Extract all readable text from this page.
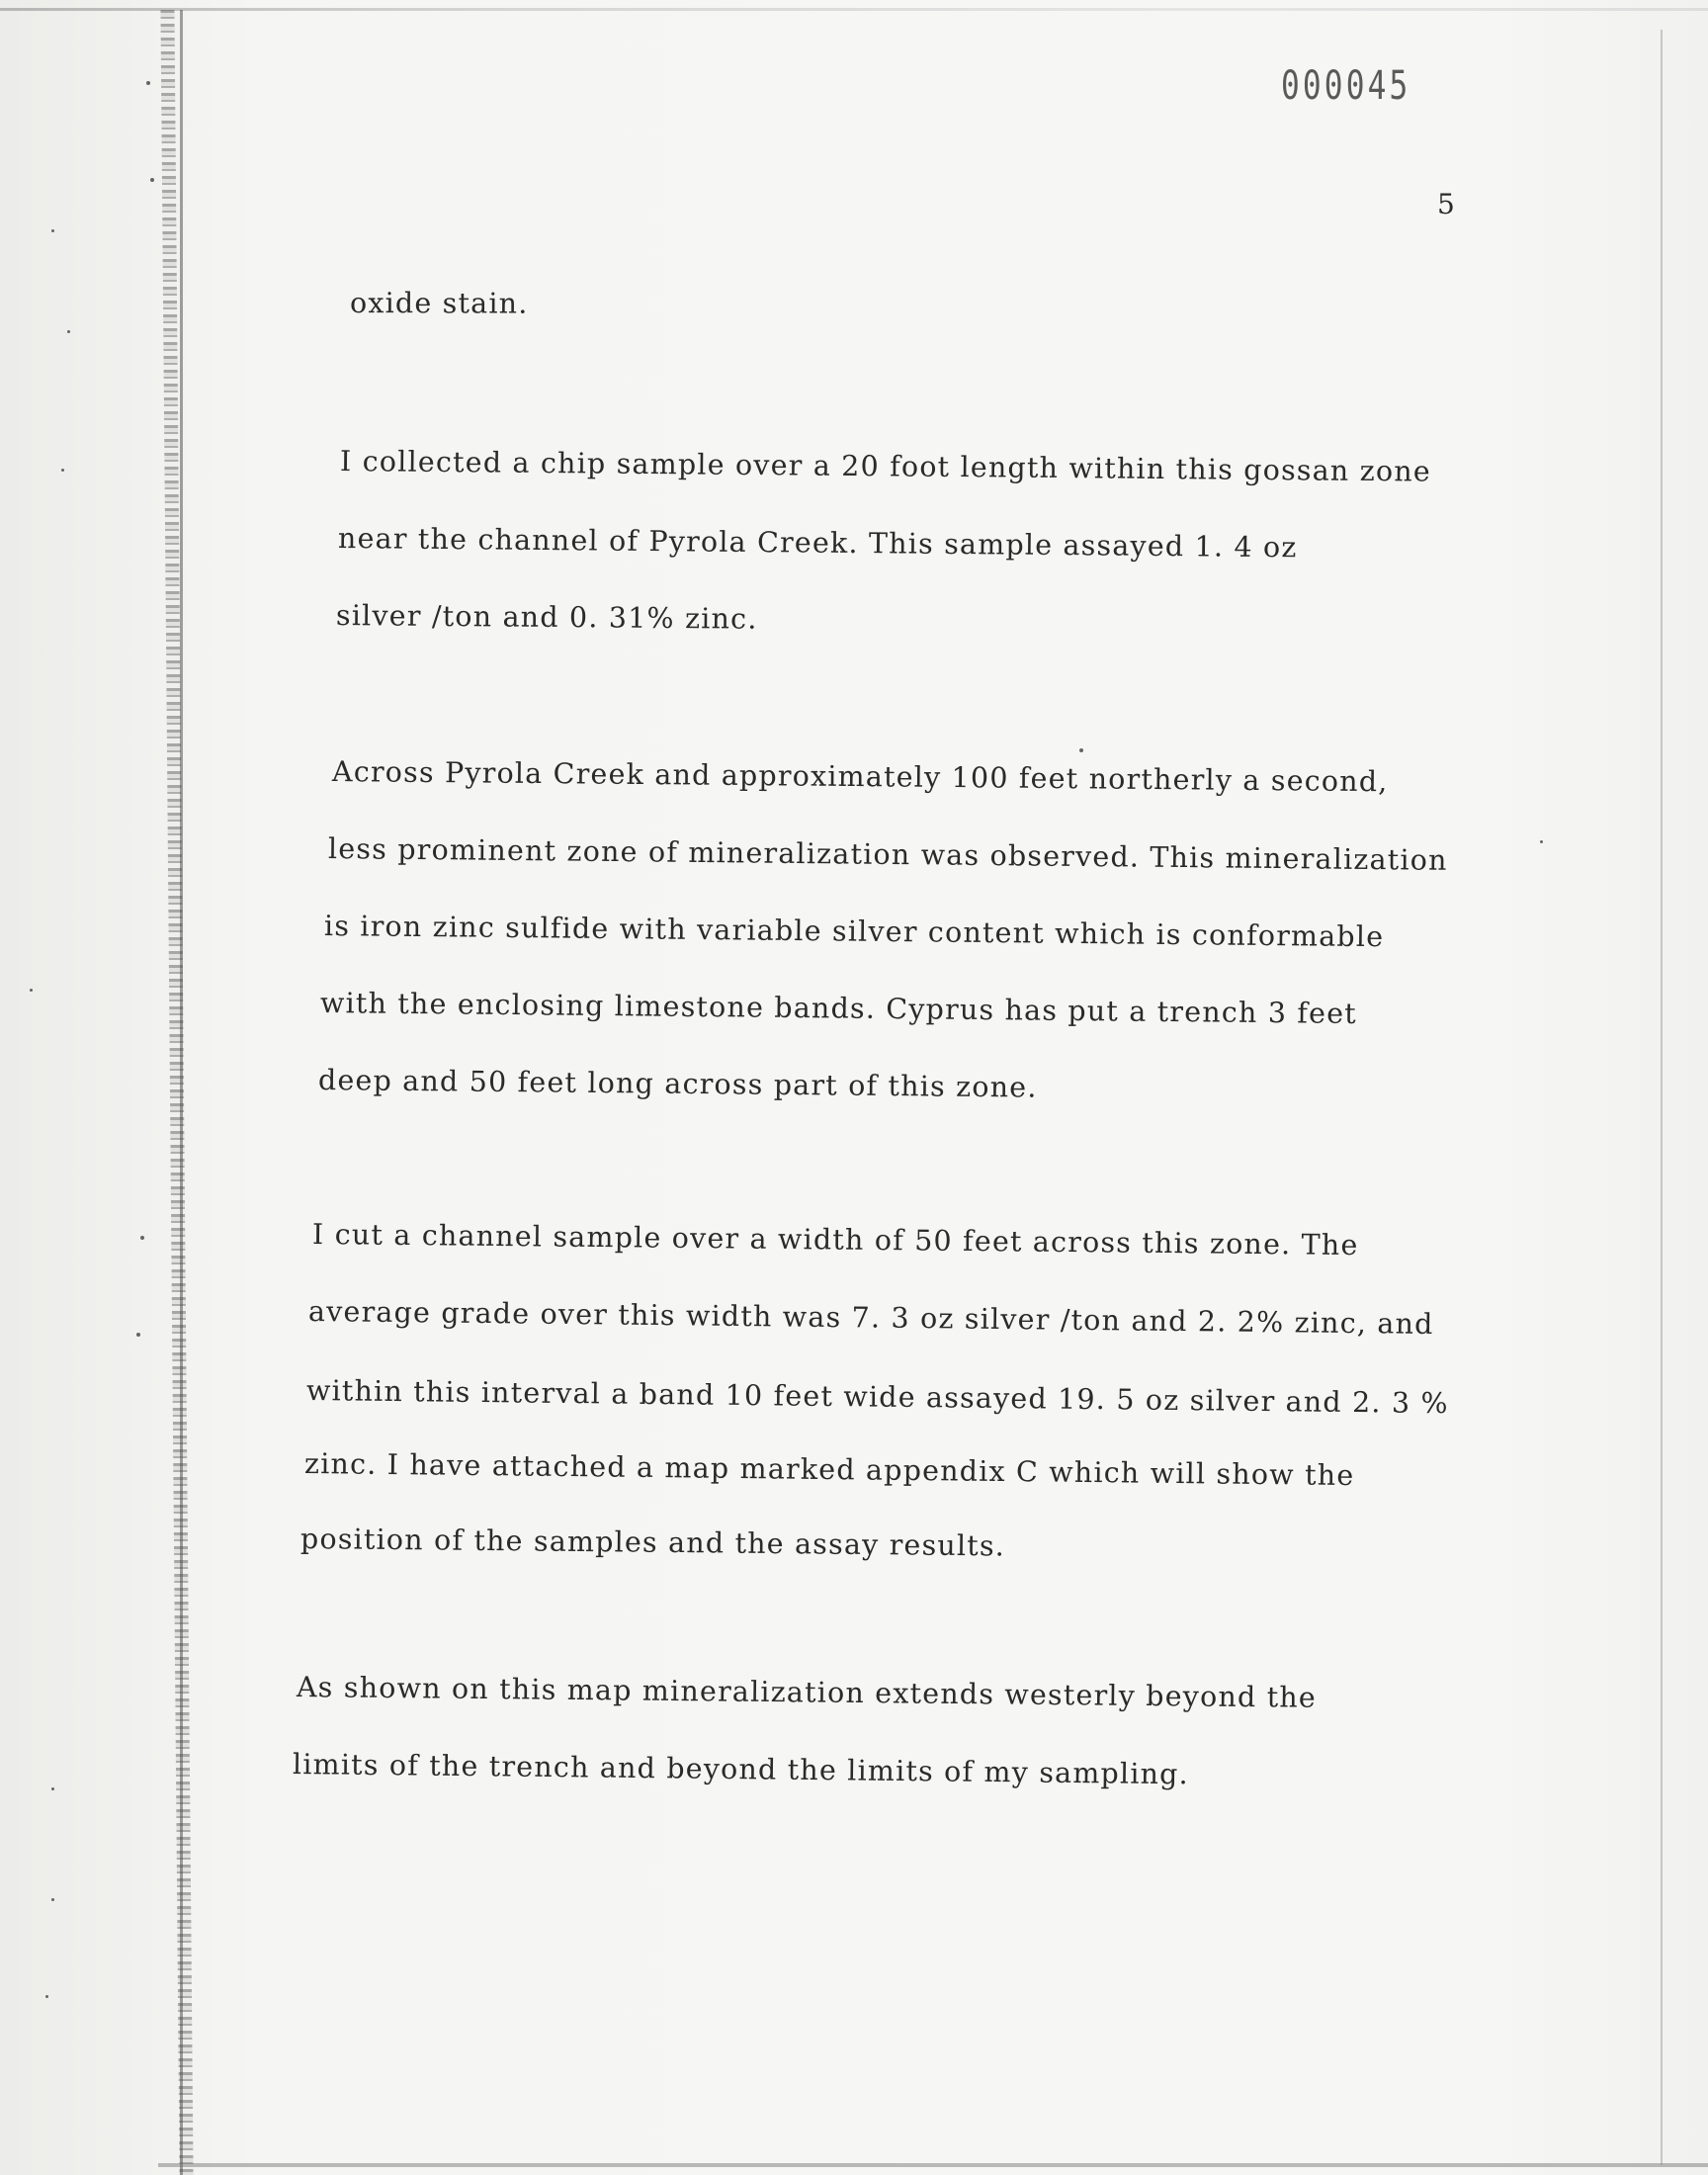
000045
5
oxide stain.
I collected a chip sample over a 20 foot length within this gossan zone
near the channel of Pyrola Creek. This sample assayed 1. 4 oz
silver /ton and 0. 31% zinc.
Across Pyrola Creek and approximately 100 feet northerly a second,
less prominent zone of mineralization was observed. This mineralization
is iron zinc sulfide with variable silver content which is conformable
with the enclosing limestone bands. Cyprus has put a trench 3 feet
deep and 50 feet long across part of this zone.
I cut a channel sample over a width of 50 feet across this zone. The
average grade over this width was 7. 3 oz silver /ton and 2. 2% zinc, and
within this interval a band 10 feet wide assayed 19. 5 oz silver and 2. 3 %
zinc. I have attached a map marked appendix C which will show the
position of the samples and the assay results.
As shown on this map mineralization extends westerly beyond the
limits of the trench and beyond the limits of my sampling.
